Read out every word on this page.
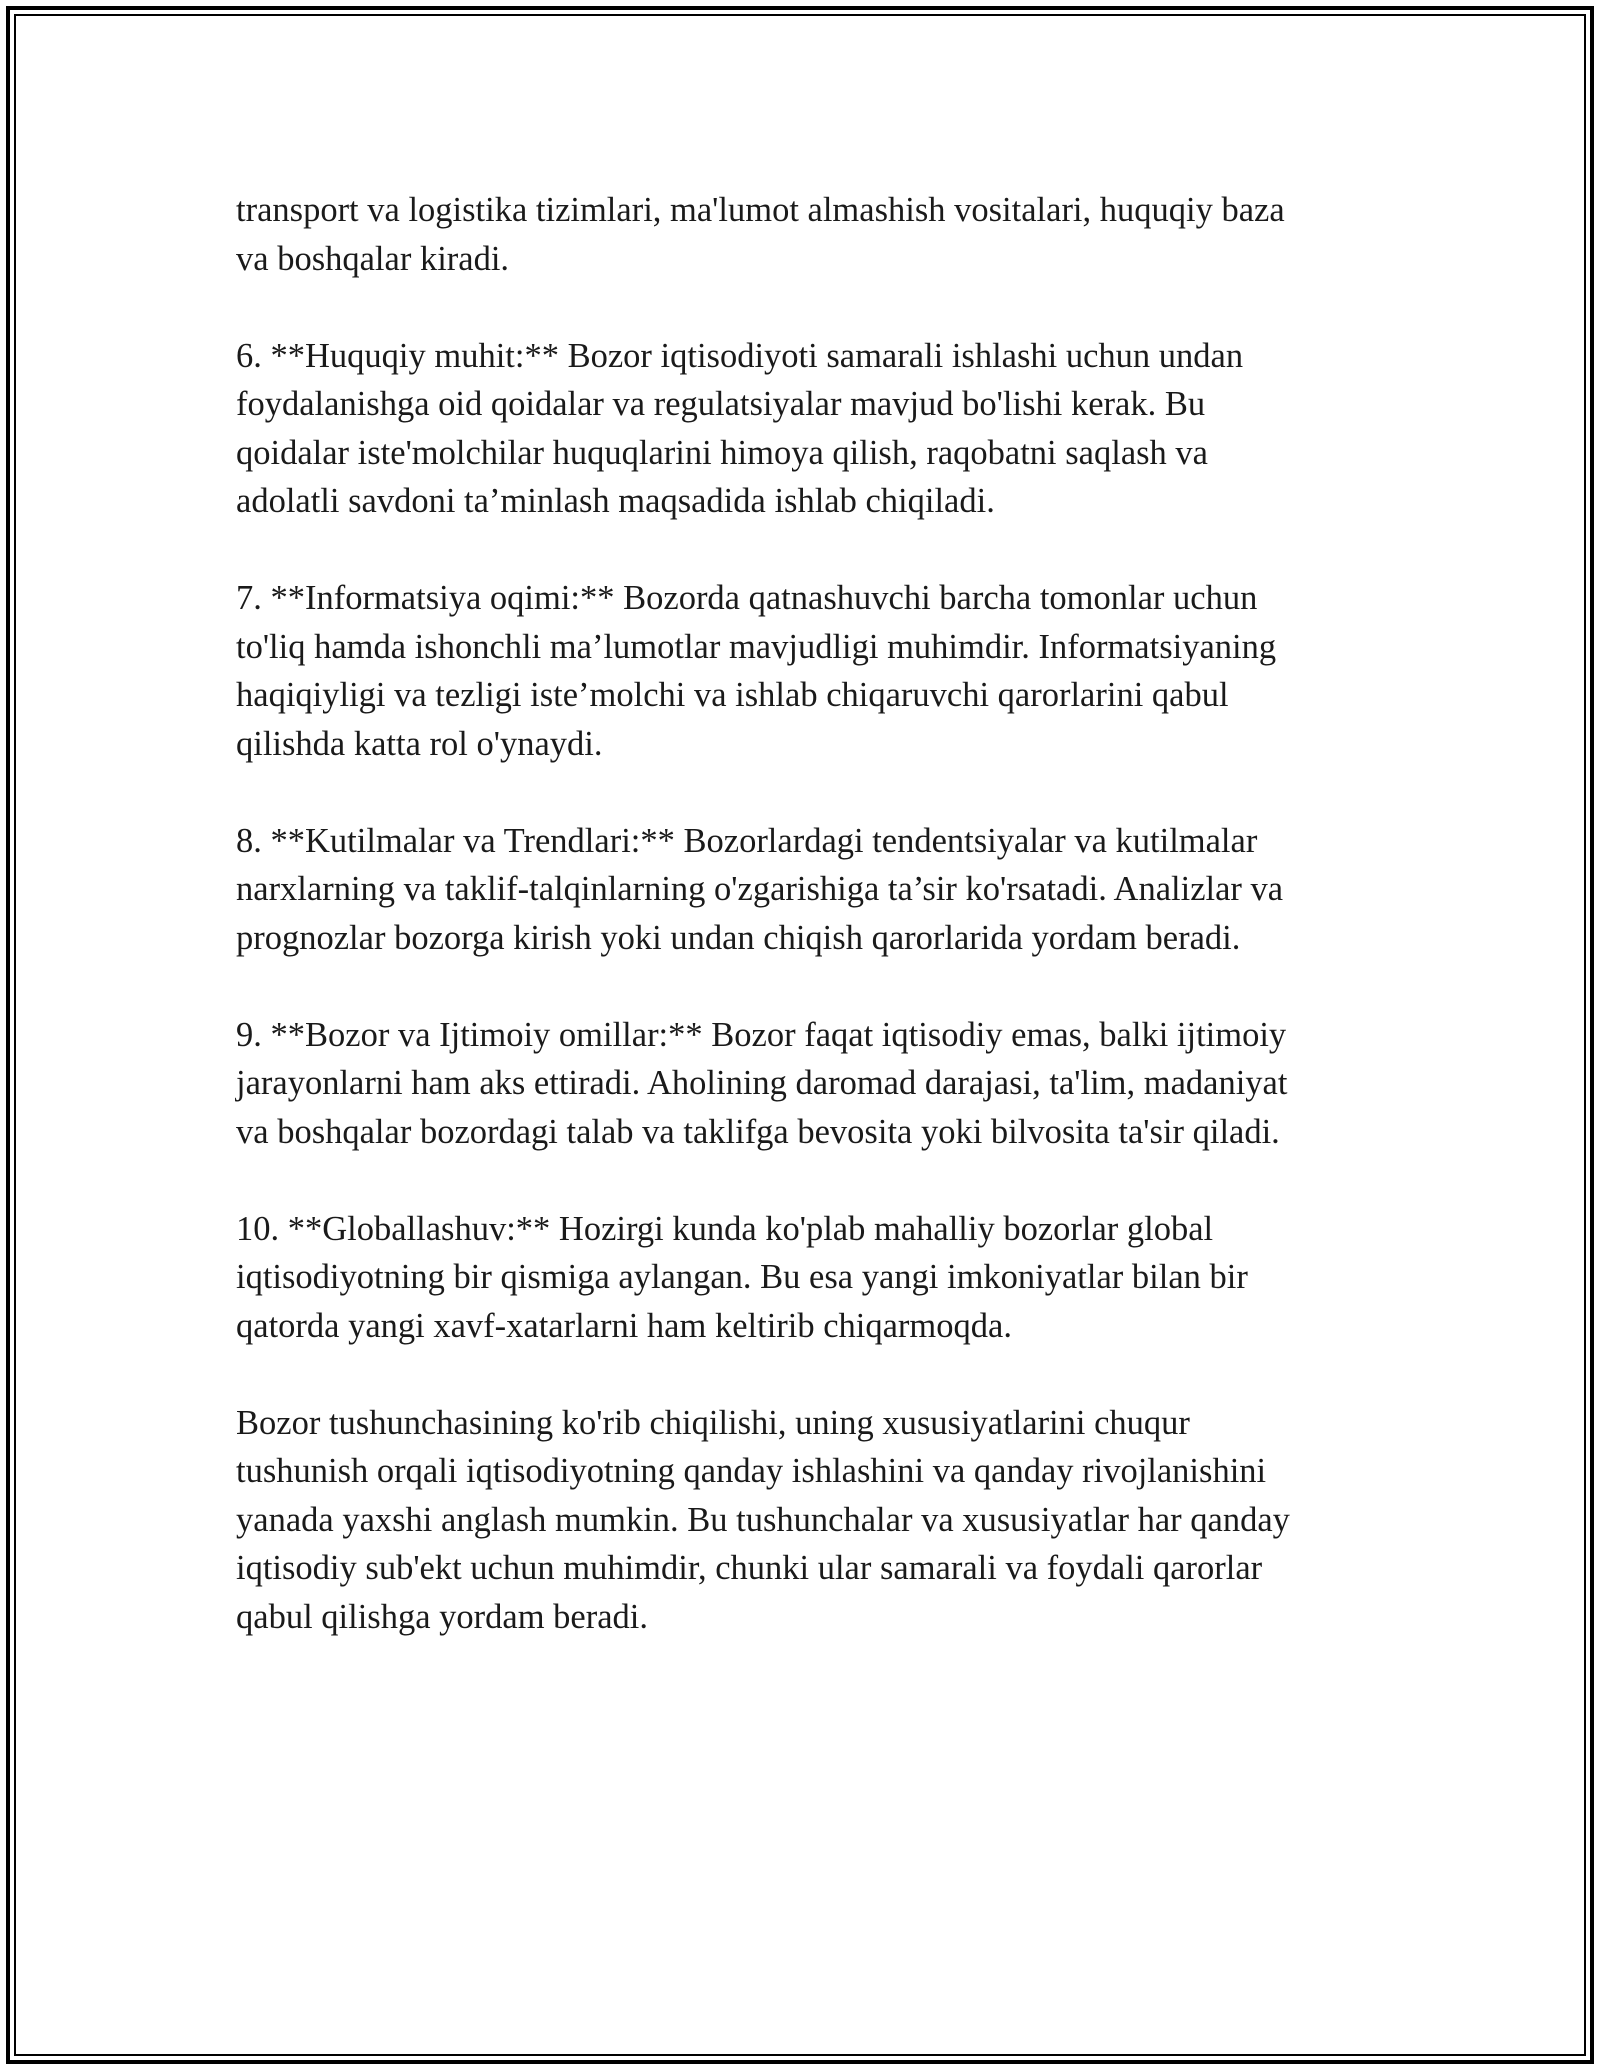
transport va logistika tizimlari, ma'lumot almashish vositalari, huquqiy baza
va boshqalar kiradi.

6. **Huquqiy muhit:** Bozor iqtisodiyoti samarali ishlashi uchun undan
foydalanishga oid qoidalar va regulatsiyalar mavjud bo'lishi kerak. Bu
qoidalar iste'molchilar huquqlarini himoya qilish, raqobatni saqlash va
adolatli savdoni ta’minlash maqsadida ishlab chiqiladi.

7. **Informatsiya oqimi:** Bozorda qatnashuvchi barcha tomonlar uchun
to'liq hamda ishonchli ma’lumotlar mavjudligi muhimdir. Informatsiyaning
haqiqiyligi va tezligi iste’molchi va ishlab chiqaruvchi qarorlarini qabul
qilishda katta rol o'ynaydi.

8. **Kutilmalar va Trendlari:** Bozorlardagi tendentsiyalar va kutilmalar
narxlarning va taklif-talqinlarning o'zgarishiga ta’sir ko'rsatadi. Analizlar va
prognozlar bozorga kirish yoki undan chiqish qarorlarida yordam beradi.

9. **Bozor va Ijtimoiy omillar:** Bozor faqat iqtisodiy emas, balki ijtimoiy
jarayonlarni ham aks ettiradi. Aholining daromad darajasi, ta'lim, madaniyat
va boshqalar bozordagi talab va taklifga bevosita yoki bilvosita ta'sir qiladi.

10. **Globallashuv:** Hozirgi kunda ko'plab mahalliy bozorlar global
iqtisodiyotning bir qismiga aylangan. Bu esa yangi imkoniyatlar bilan bir
qatorda yangi xavf-xatarlarni ham keltirib chiqarmoqda.

Bozor tushunchasining ko'rib chiqilishi, uning xususiyatlarini chuqur
tushunish orqali iqtisodiyotning qanday ishlashini va qanday rivojlanishini
yanada yaxshi anglash mumkin. Bu tushunchalar va xususiyatlar har qanday
iqtisodiy sub'ekt uchun muhimdir, chunki ular samarali va foydali qarorlar
qabul qilishga yordam beradi.
